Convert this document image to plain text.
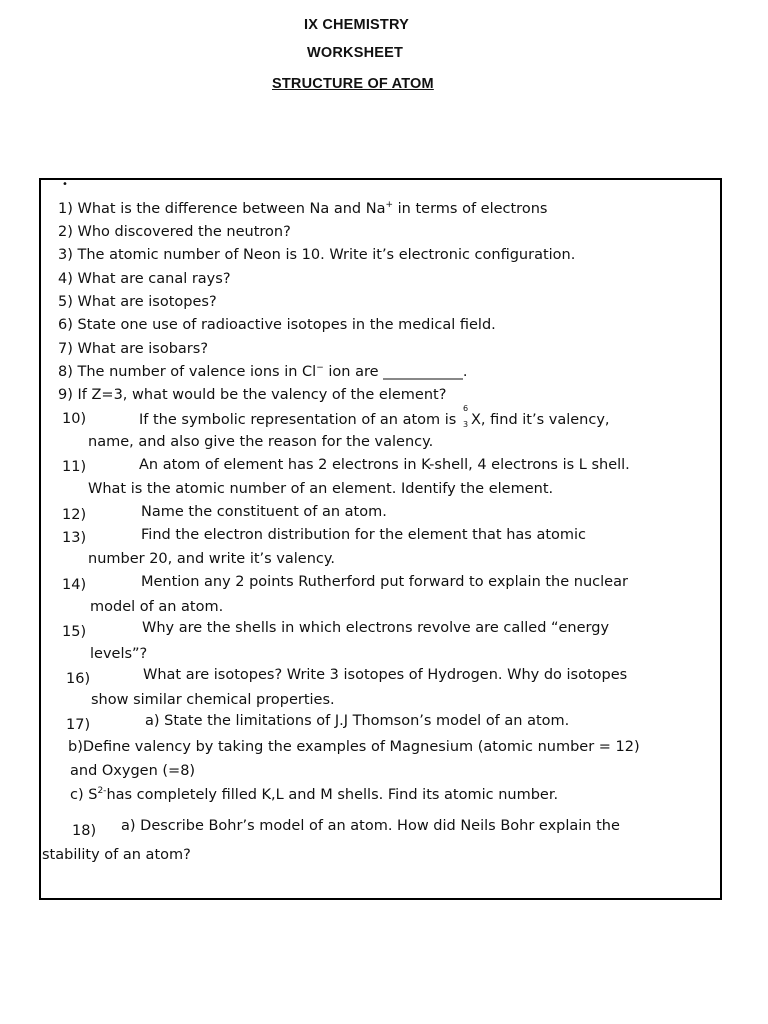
IX CHEMISTRY
WORKSHEET
STRUCTURE OF ATOM
•
1) What is the difference between Na and Na+ in terms of electrons
2) Who discovered the neutron?
3) The atomic number of Neon is 10. Write it’s electronic configuration.
4) What are canal rays?
5) What are isotopes?
6) State one use of radioactive isotopes in the medical field.
7) What are isobars?
8) The number of valence ions in Cl− ion are ___________.
9) If Z=3, what would be the valency of the element?
10)	If the symbolic representation of an atom is
6
3 X, find it’s valency,
name, and also give the reason for the valency.
11)	An atom of element has 2 electrons in K-shell, 4 electrons is L shell.
What is the atomic number of an element. Identify the element.
12)	Name the constituent of an atom.
13)	Find the electron distribution for the element that has atomic
number 20, and write it’s valency.
14)	Mention any 2 points Rutherford put forward to explain the nuclear
model of an atom.
15)	Why are the shells in which electrons revolve are called “energy
levels”?
16)	What are isotopes? Write 3 isotopes of Hydrogen. Why do isotopes
show similar chemical properties.
17)	a) State the limitations of J.J Thomson’s model of an atom.
b)Define valency by taking the examples of Magnesium (atomic number = 12)
and Oxygen (=8)
c) $S^{2-}has$ completely filled K,L and M shells. Find its atomic number.
18) a) Describe Bohr’s model of an atom. How did Neils Bohr explain the
stability of an atom?
